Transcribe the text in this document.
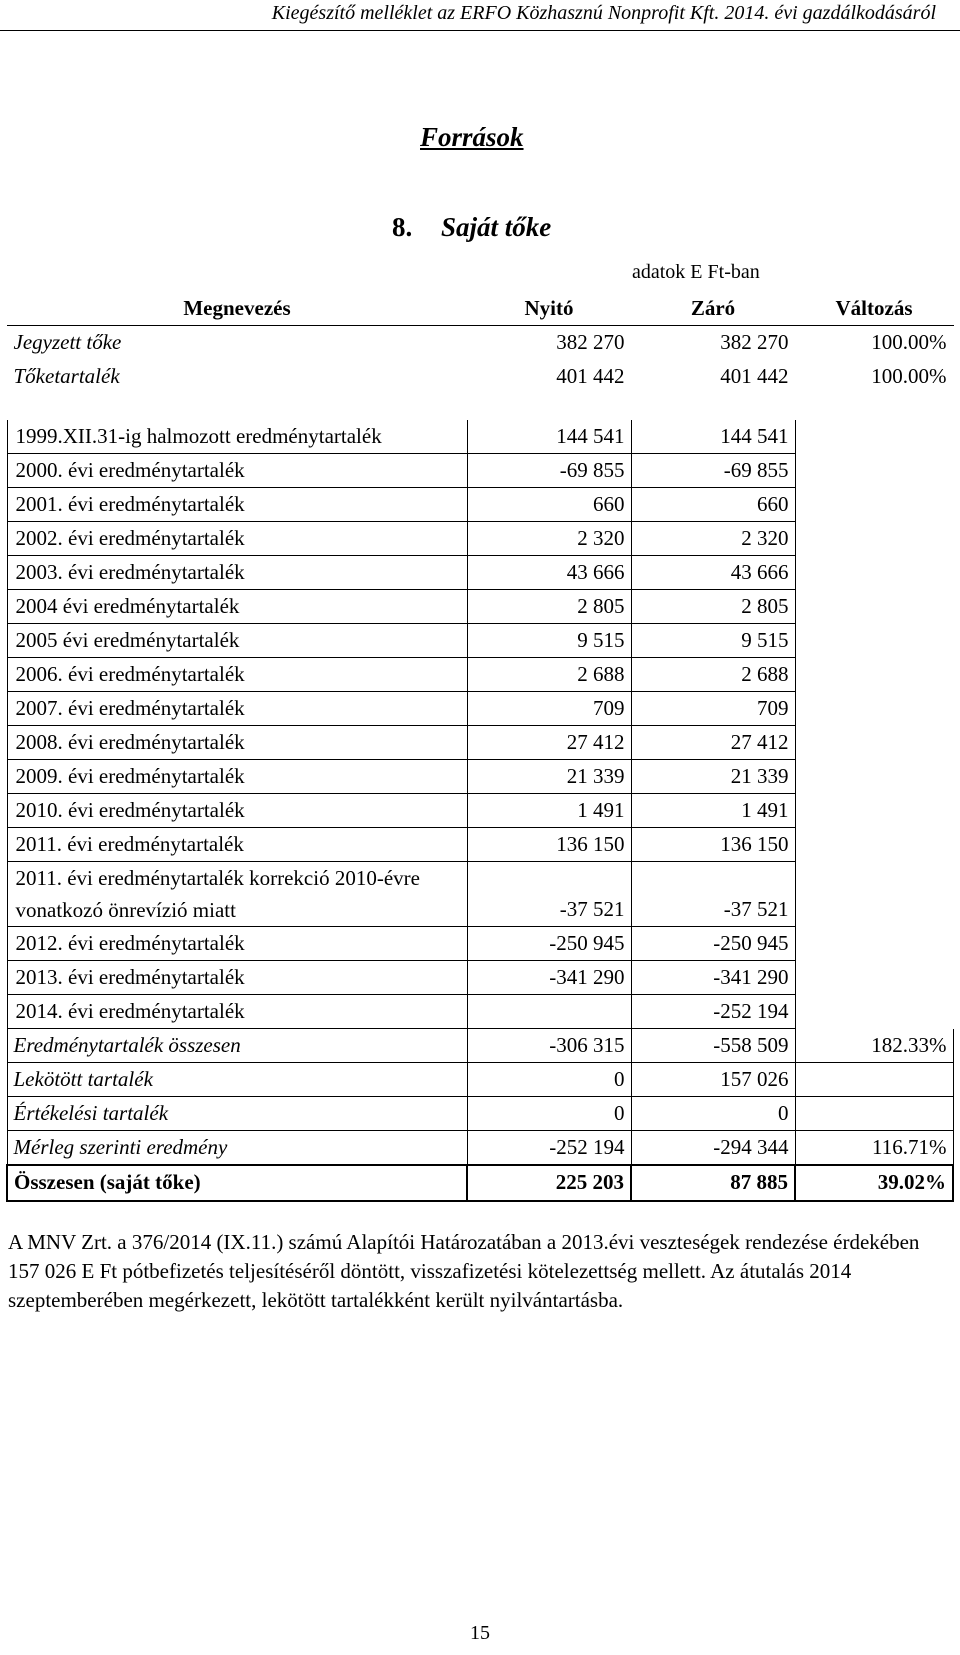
Kiegészítő melléklet az ERFO Közhasznú Nonprofit Kft. 2014. évi gazdálkodásáról
Források
8. Saját tőke
adatok E Ft-ban
Megnevezés	Nyitó	Záró	Változás
Jegyzett tőke	382 270	382 270	100.00%
Tőketartalék	401 442	401 442	100.00%

1999.XII.31-ig halmozott eredménytartalék	144 541	144 541	
2000. évi eredménytartalék	-69 855	-69 855	
2001. évi eredménytartalék	660	660	
2002. évi eredménytartalék	2 320	2 320	
2003. évi eredménytartalék	43 666	43 666	
2004 évi eredménytartalék	2 805	2 805	
2005 évi eredménytartalék	9 515	9 515	
2006. évi eredménytartalék	2 688	2 688	
2007. évi eredménytartalék	709	709	
2008. évi eredménytartalék	27 412	27 412	
2009. évi eredménytartalék	21 339	21 339	
2010. évi eredménytartalék	1 491	1 491	
2011. évi eredménytartalék	136 150	136 150	
2011. évi eredménytartalék korrekció 2010-évre vonatkozó önrevízió miatt	-37 521	-37 521	
2012. évi eredménytartalék	-250 945	-250 945	
2013. évi eredménytartalék	-341 290	-341 290	
2014. évi eredménytartalék		-252 194	
Eredménytartalék összesen	-306 315	-558 509	182.33%
Lekötött tartalék	0	157 026	
Értékelési tartalék	0	0	
Mérleg szerinti eredmény	-252 194	-294 344	116.71%
Összesen (saját tőke)	225 203	87 885	39.02%
A MNV Zrt. a 376/2014 (IX.11.) számú Alapítói Határozatában a 2013.évi veszteségek rendezése érdekében 157 026 E Ft pótbefizetés teljesítéséről döntött, visszafizetési kötelezettség mellett. Az átutalás 2014 szeptemberében megérkezett, lekötött tartalékként került nyilvántartásba.
15
